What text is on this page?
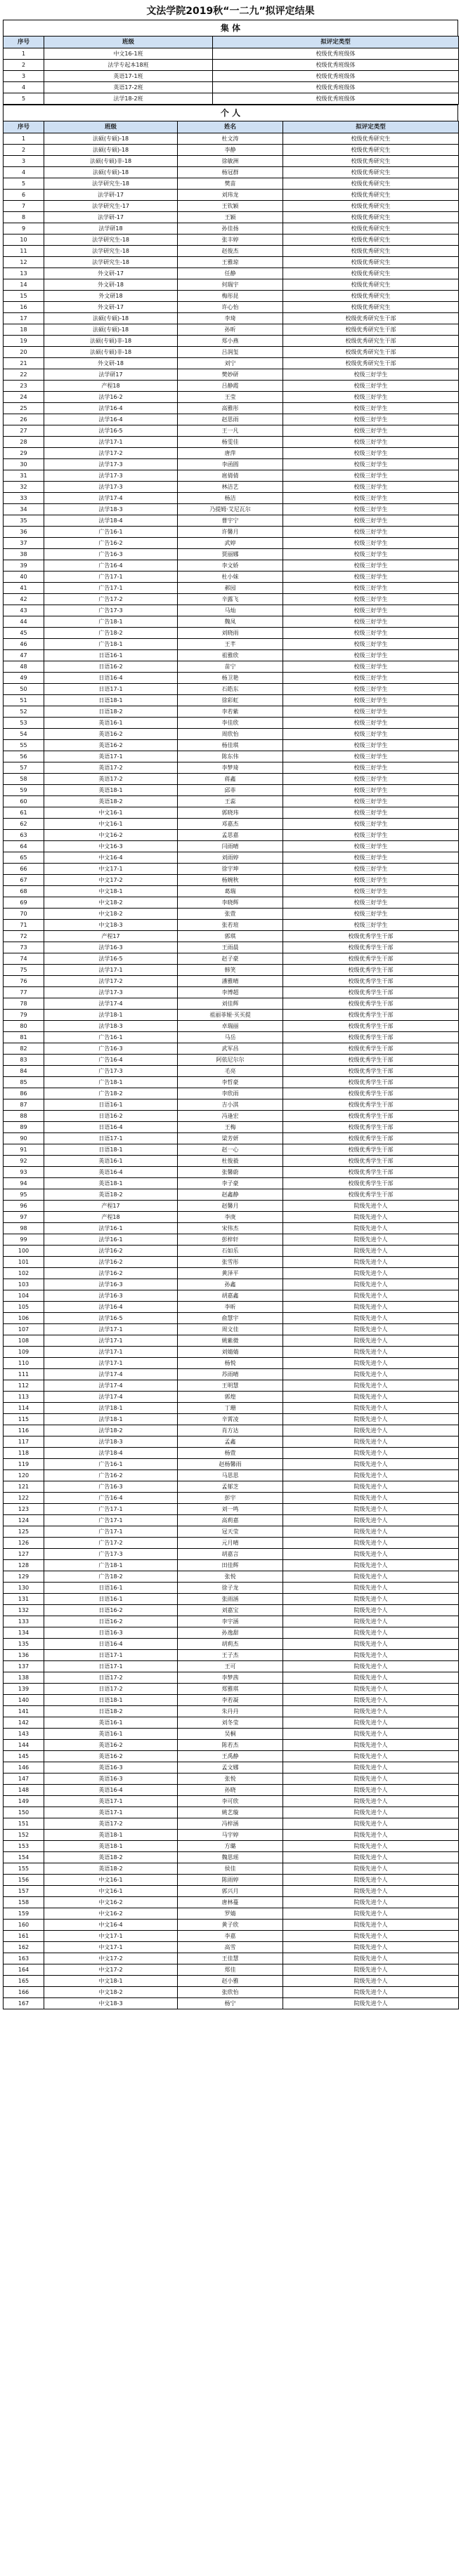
文法学院2019秋“一二九”拟评定结果
集 体
序号	班级	拟评定类型
1	中文16-1班	校级优秀班级体
2	法学专起本18班	校级优秀班级体
3	英语17-1班	校级优秀班级体
4	英语17-2班	校级优秀班级体
5	法学18-2班	校级优秀班级体
个 人
序号	班级	姓名	拟评定类型
1	法硕(专硕)-18	杜文涛	校级优秀研究生
2	法硕(专硕)-18	李静	校级优秀研究生
3	法硕(专硕)非-18	徐敏洲	校级优秀研究生
4	法硕(专硕)-18	杨冠群	校级优秀研究生
5	法学研究生-18	樊苗	校级优秀研究生
6	法学研-17	刘玮龙	校级优秀研究生
7	法学研究生-17	王钦颖	校级优秀研究生
8	法学研-17	王颖	校级优秀研究生
9	法学研18	孙佳扬	校级优秀研究生
10	法学研究生-18	张丰婷	校级优秀研究生
11	法学研究生-18	赵俊杰	校级优秀研究生
12	法学研究生-18	王雅琼	校级优秀研究生
13	外文研-17	任静	校级优秀研究生
14	外文研-18	何瑞宇	校级优秀研究生
15	外文研18	梅彤昆	校级优秀研究生
16	外文研-17	许心怡	校级优秀研究生
17	法硕(专硕)-18	李琦	校级优秀研究生干部
18	法硕(专硕)-18	孙昕	校级优秀研究生干部
19	法硕(专硕)非-18	郑小燕	校级优秀研究生干部
20	法硕(专硕)非-18	吕润玺	校级优秀研究生干部
21	外文研-18	刘宁	校级优秀研究生干部
22	法学研17	樊妙研	校级三好学生
23	产程18	吕静霞	校级三好学生
24	法学16-2	王莹	校级三好学生
25	法学16-4	高雅彤	校级三好学生
26	法学16-4	赵思雨	校级三好学生
27	法学16-5	王一凡	校级三好学生
28	法学17-1	杨雯佳	校级三好学生
29	法学17-2	唐萍	校级三好学生
30	法学17-3	李函圆	校级三好学生
31	法学17-3	扈倩倩	校级三好学生
32	法学17-3	林洁艺	校级三好学生
33	法学17-4	杨洁	校级三好学生
34	法学18-3	乃提姆·艾尼瓦尔	校级三好学生
35	法学18-4	曹宇宁	校级三好学生
36	广告16-1	许馨月	校级三好学生
37	广告16-2	武婷	校级三好学生
38	广告16-3	贾丽娜	校级三好学生
39	广告16-4	李文娇	校级三好学生
40	广告17-1	杜小妹	校级三好学生
41	广告17-1	郝园	校级三好学生
42	广告17-2	辛露飞	校级三好学生
43	广告17-3	马灿	校级三好学生
44	广告18-1	魏凤	校级三好学生
45	广告18-2	刘晓雨	校级三好学生
46	广告18-1	王芊	校级三好学生
47	日语16-1	祖雅欣	校级三好学生
48	日语16-2	苗宁	校级三好学生
49	日语16-4	杨卫艳	校级三好学生
50	日语17-1	石皓东	校级三好学生
51	日语18-1	徐彩虹	校级三好学生
52	日语18-2	李若紫	校级三好学生
53	英语16-1	李佳欣	校级三好学生
54	英语16-2	周欣怡	校级三好学生
55	英语16-2	杨佳琪	校级三好学生
56	英语17-1	陈东伟	校级三好学生
57	英语17-2	李梦琦	校级三好学生
58	英语17-2	蒋鑫	校级三好学生
59	英语18-1	邱菲	校级三好学生
60	英语18-2	王蕊	校级三好学生
61	中文16-1	郭晓玮	校级三好学生
62	中文16-1	邓嘉杰	校级三好学生
63	中文16-2	孟思嘉	校级三好学生
64	中文16-3	闫雨晴	校级三好学生
65	中文16-4	刘雨婷	校级三好学生
66	中文17-1	徐宇坤	校级三好学生
67	中文17-2	杨婉秋	校级三好学生
68	中文18-1	葛瑞	校级三好学生
69	中文18-2	李晓辉	校级三好学生
70	中文18-2	张萱	校级三好学生
71	中文18-3	张若瑄	校级三好学生
72	产程17	郭琪	校级优秀学生干部
73	法学16-3	王雨晨	校级优秀学生干部
74	法学16-5	赵子豪	校级优秀学生干部
75	法学17-1	韩笑	校级优秀学生干部
76	法学17-2	潘雅晴	校级优秀学生干部
77	法学17-3	李博超	校级优秀学生干部
78	法学17-4	刘佳辉	校级优秀学生干部
79	法学18-1	祖丽菲娅·买买提	校级优秀学生干部
80	法学18-3	卓瑞丽	校级优秀学生干部
81	广告16-1	马岳	校级优秀学生干部
82	广告16-3	武军昌	校级优秀学生干部
83	广告16-4	阿依尼尔尔	校级优秀学生干部
84	广告17-3	毛亮	校级优秀学生干部
85	广告18-1	李哲豪	校级优秀学生干部
86	广告18-2	李欣雨	校级优秀学生干部
87	日语16-1	吉小淇	校级优秀学生干部
88	日语16-2	冯逢宏	校级优秀学生干部
89	日语16-4	王梅	校级优秀学生干部
90	日语17-1	梁芳妍	校级优秀学生干部
91	日语18-1	赵一心	校级优秀学生干部
92	英语16-1	杜俊毅	校级优秀学生干部
93	英语16-4	张馨蔚	校级优秀学生干部
94	英语18-1	李子豪	校级优秀学生干部
95	英语18-2	赵鑫静	校级优秀学生干部
96	产程17	赵馨月	院级先进个人
97	产程18	李庚	院级先进个人
98	法学16-1	宋伟杰	院级先进个人
99	法学16-1	彭梓轩	院级先进个人
100	法学16-2	石如乐	院级先进个人
101	法学16-2	张雪彤	院级先进个人
102	法学16-2	黄泽平	院级先进个人
103	法学16-3	孙鑫	院级先进个人
104	法学16-3	胡嘉鑫	院级先进个人
105	法学16-4	李昕	院级先进个人
106	法学16-5	俞慧宇	院级先进个人
107	法学17-1	周文佳	院级先进个人
108	法学17-1	姚紫微	院级先进个人
109	法学17-1	刘婧婧	院级先进个人
110	法学17-1	杨悦	院级先进个人
111	法学17-4	苏雨晴	院级先进个人
112	法学17-4	王明慧	院级先进个人
113	法学17-4	郭煌	院级先进个人
114	法学18-1	丁珊	院级先进个人
115	法学18-1	辛霄凌	院级先进个人
116	法学18-2	肖方达	院级先进个人
117	法学18-3	孟鑫	院级先进个人
118	法学18-4	杨萱	院级先进个人
119	广告16-1	赵杨馨雨	院级先进个人
120	广告16-2	马思思	院级先进个人
121	广告16-3	孟郁芝	院级先进个人
122	广告16-4	彭宇	院级先进个人
123	广告17-1	刘一鸣	院级先进个人
124	广告17-1	高莉嘉	院级先进个人
125	广告17-1	冠天莹	院级先进个人
126	广告17-2	元月晴	院级先进个人
127	广告17-3	胡嘉言	院级先进个人
128	广告18-1	田佳辉	院级先进个人
129	广告18-2	张悦	院级先进个人
130	日语16-1	徐子龙	院级先进个人
131	日语16-1	张雨涵	院级先进个人
132	日语16-2	刘嘉宝	院级先进个人
133	日语16-2	李宇涵	院级先进个人
134	日语16-3	孙逸甜	院级先进个人
135	日语16-4	胡莉杰	院级先进个人
136	日语17-1	王子杰	院级先进个人
137	日语17-1	王可	院级先进个人
138	日语17-2	李梦茜	院级先进个人
139	日语17-2	郑雅琪	院级先进个人
140	日语18-1	李若凝	院级先进个人
141	日语18-2	朱丹丹	院级先进个人
142	英语16-1	刘冬莹	院级先进个人
143	英语16-1	吴桐	院级先进个人
144	英语16-2	陈若杰	院级先进个人
145	英语16-2	王禹静	院级先进个人
146	英语16-3	孟文娜	院级先进个人
147	英语16-3	张悦	院级先进个人
148	英语16-4	孙晓	院级先进个人
149	英语17-1	李可欣	院级先进个人
150	英语17-1	姚艺璇	院级先进个人
151	英语17-2	冯梓涵	院级先进个人
152	英语18-1	马宇婷	院级先进个人
153	英语18-1	方璐	院级先进个人
154	英语18-2	魏思瑶	院级先进个人
155	英语18-2	侯佳	院级先进个人
156	中文16-1	陈雨婷	院级先进个人
157	中文16-1	郭兴月	院级先进个人
158	中文16-2	唐林蔓	院级先进个人
159	中文16-2	罗婧	院级先进个人
160	中文16-4	黄子欣	院级先进个人
161	中文17-1	李嘉	院级先进个人
162	中文17-1	高雪	院级先进个人
163	中文17-2	王佳慧	院级先进个人
164	中文17-2	郑佳	院级先进个人
165	中文18-1	赵小雅	院级先进个人
166	中文18-2	张欣怡	院级先进个人
167	中文18-3	杨宁	院级先进个人
